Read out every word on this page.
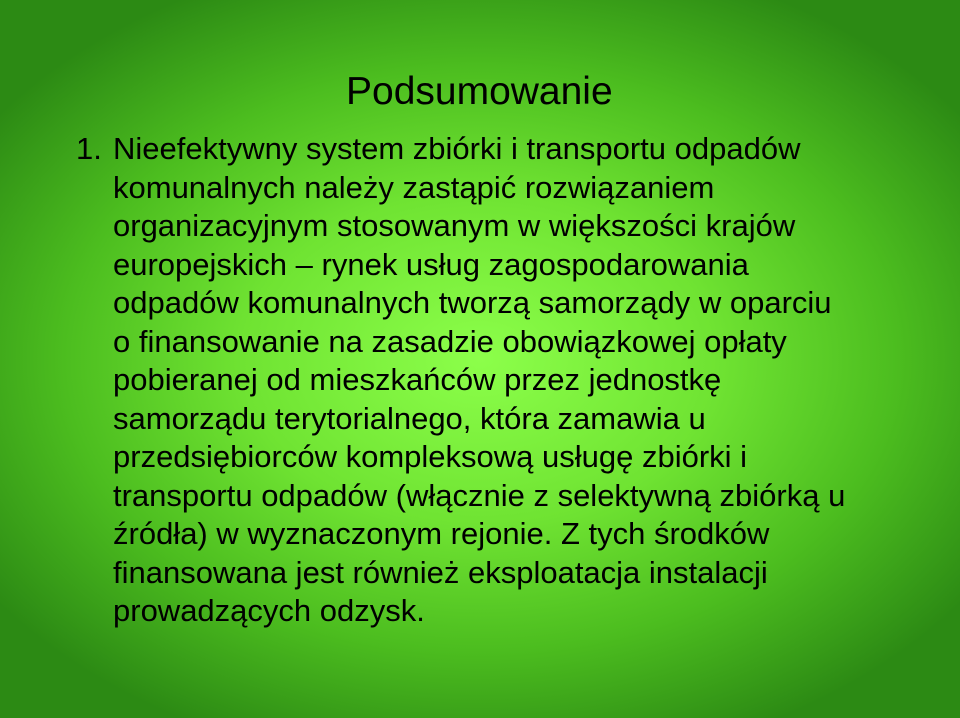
Podsumowanie
1. Nieefektywny system zbiórki i transportu odpadów
komunalnych należy zastąpić rozwiązaniem
organizacyjnym stosowanym w większości krajów
europejskich – rynek usług zagospodarowania
odpadów komunalnych tworzą samorządy w oparciu
o finansowanie na zasadzie obowiązkowej opłaty
pobieranej od mieszkańców przez jednostkę
samorządu terytorialnego, która zamawia u
przedsiębiorców kompleksową usługę zbiórki i
transportu odpadów (włącznie z selektywną zbiórką u
źródła) w wyznaczonym rejonie. Z tych środków
finansowana jest również eksploatacja instalacji
prowadzących odzysk.
